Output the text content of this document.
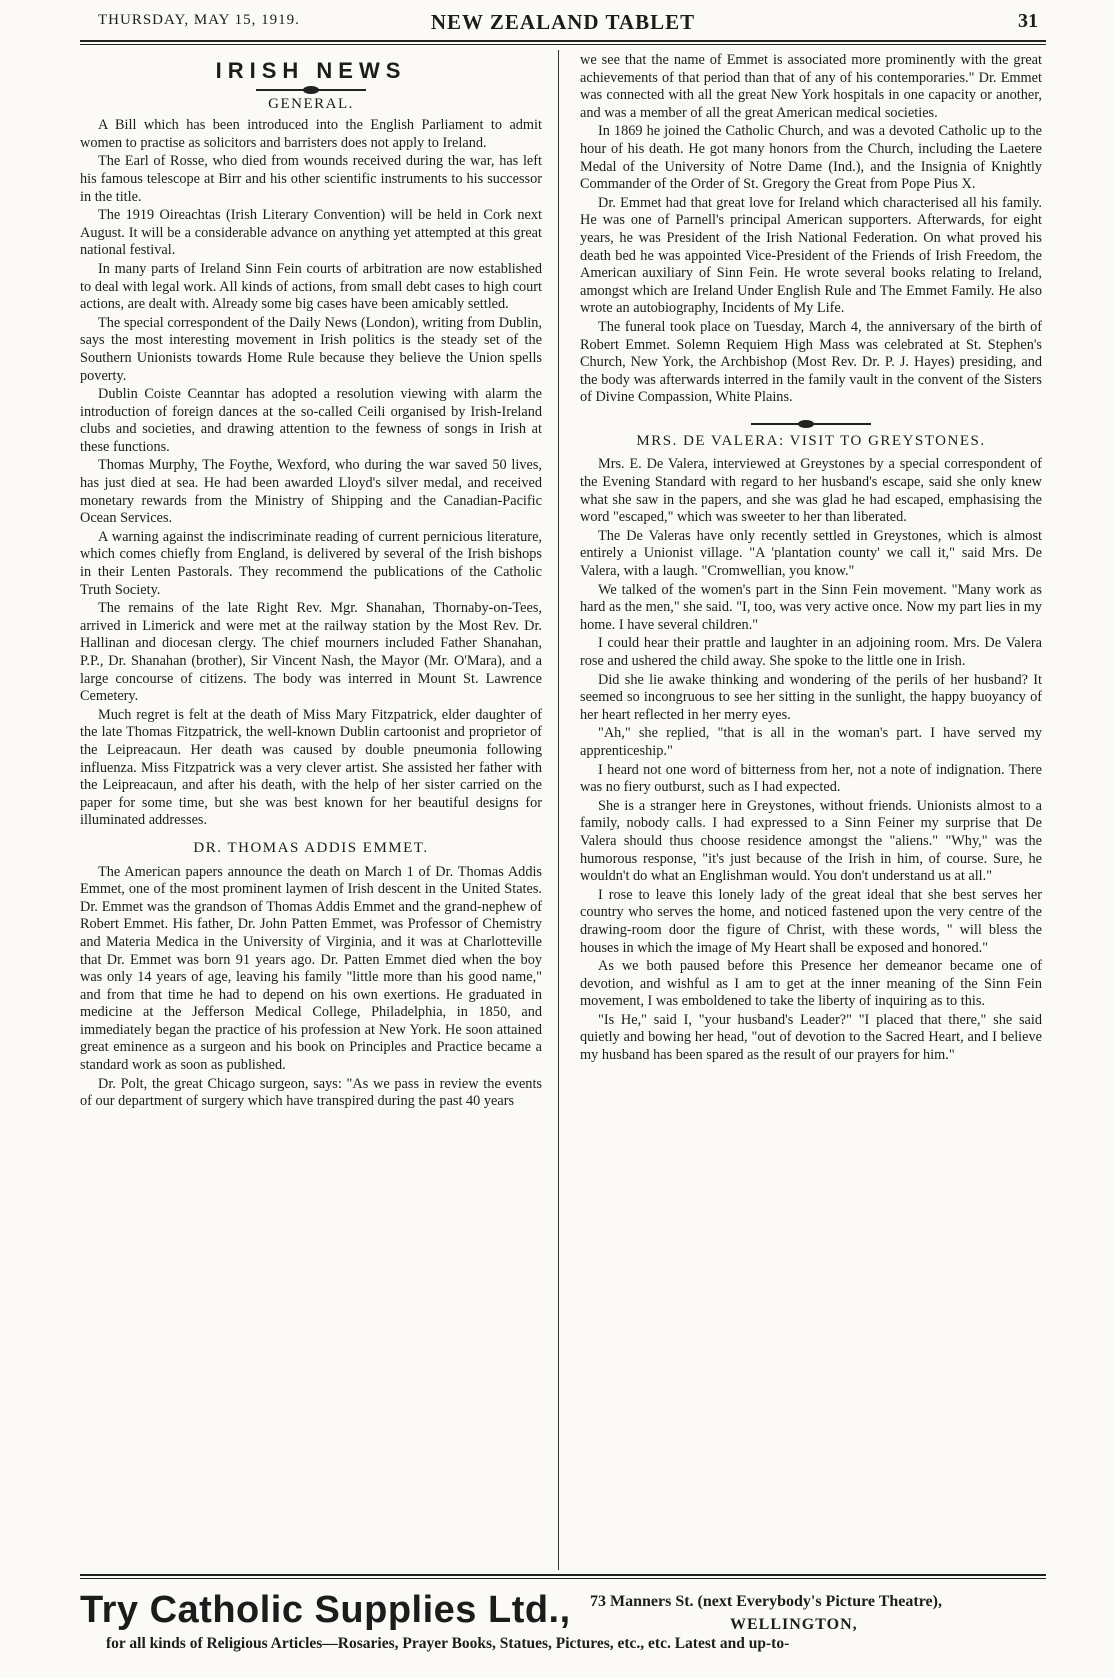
THURSDAY, MAY 15, 1919.	NEW ZEALAND TABLET	31
IRISH NEWS
GENERAL.

A Bill which has been introduced into the English Parliament to admit women to practise as solicitors and barristers does not apply to Ireland.

The Earl of Rosse, who died from wounds received during the war, has left his famous telescope at Birr and his other scientific instruments to his successor in the title.

The 1919 Oireachtas (Irish Literary Convention) will be held in Cork next August. It will be a considerable advance on anything yet attempted at this great national festival.

In many parts of Ireland Sinn Fein courts of arbitration are now established to deal with legal work. All kinds of actions, from small debt cases to high court actions, are dealt with. Already some big cases have been amicably settled.

The special correspondent of the Daily News (London), writing from Dublin, says the most interesting movement in Irish politics is the steady set of the Southern Unionists towards Home Rule because they believe the Union spells poverty.

Dublin Coiste Ceanntar has adopted a resolution viewing with alarm the introduction of foreign dances at the so-called Ceili organised by Irish-Ireland clubs and societies, and drawing attention to the fewness of songs in Irish at these functions.

Thomas Murphy, The Foythe, Wexford, who during the war saved 50 lives, has just died at sea. He had been awarded Lloyd's silver medal, and received monetary rewards from the Ministry of Shipping and the Canadian-Pacific Ocean Services.

A warning against the indiscriminate reading of current pernicious literature, which comes chiefly from England, is delivered by several of the Irish bishops in their Lenten Pastorals. They recommend the publications of the Catholic Truth Society.

The remains of the late Right Rev. Mgr. Shanahan, Thornaby-on-Tees, arrived in Limerick and were met at the railway station by the Most Rev. Dr. Hallinan and diocesan clergy. The chief mourners included Father Shanahan, P.P., Dr. Shanahan (brother), Sir Vincent Nash, the Mayor (Mr. O'Mara), and a large concourse of citizens. The body was interred in Mount St. Lawrence Cemetery.

Much regret is felt at the death of Miss Mary Fitzpatrick, elder daughter of the late Thomas Fitzpatrick, the well-known Dublin cartoonist and proprietor of the Leipreacaun. Her death was caused by double pneumonia following influenza. Miss Fitzpatrick was a very clever artist. She assisted her father with the Leipreacaun, and after his death, with the help of her sister carried on the paper for some time, but she was best known for her beautiful designs for illuminated addresses.

DR. THOMAS ADDIS EMMET.

The American papers announce the death on March 1 of Dr. Thomas Addis Emmet, one of the most prominent laymen of Irish descent in the United States. Dr. Emmet was the grandson of Thomas Addis Emmet and the grand-nephew of Robert Emmet. His father, Dr. John Patten Emmet, was Professor of Chemistry and Materia Medica in the University of Virginia, and it was at Charlotteville that Dr. Emmet was born 91 years ago. Dr. Patten Emmet died when the boy was only 14 years of age, leaving his family "little more than his good name," and from that time he had to depend on his own exertions. He graduated in medicine at the Jefferson Medical College, Philadelphia, in 1850, and immediately began the practice of his profession at New York. He soon attained great eminence as a surgeon and his book on Principles and Practice became a standard work as soon as published.

Dr. Polt, the great Chicago surgeon, says: "As we pass in review the events of our department of surgery which have transpired during the past 40 years

we see that the name of Emmet is associated more prominently with the great achievements of that period than that of any of his contemporaries." Dr. Emmet was connected with all the great New York hospitals in one capacity or another, and was a member of all the great American medical societies.

In 1869 he joined the Catholic Church, and was a devoted Catholic up to the hour of his death. He got many honors from the Church, including the Laetere Medal of the University of Notre Dame (Ind.), and the Insignia of Knightly Commander of the Order of St. Gregory the Great from Pope Pius X.

Dr. Emmet had that great love for Ireland which characterised all his family. He was one of Parnell's principal American supporters. Afterwards, for eight years, he was President of the Irish National Federation. On what proved his death bed he was appointed Vice-President of the Friends of Irish Freedom, the American auxiliary of Sinn Fein. He wrote several books relating to Ireland, amongst which are Ireland Under English Rule and The Emmet Family. He also wrote an autobiography, Incidents of My Life.

The funeral took place on Tuesday, March 4, the anniversary of the birth of Robert Emmet. Solemn Requiem High Mass was celebrated at St. Stephen's Church, New York, the Archbishop (Most Rev. Dr. P. J. Hayes) presiding, and the body was afterwards interred in the family vault in the convent of the Sisters of Divine Compassion, White Plains.

MRS. DE VALERA: VISIT TO GREYSTONES.

Mrs. E. De Valera, interviewed at Greystones by a special correspondent of the Evening Standard with regard to her husband's escape, said she only knew what she saw in the papers, and she was glad he had escaped, emphasising the word "escaped," which was sweeter to her than liberated.

The De Valeras have only recently settled in Greystones, which is almost entirely a Unionist village. "A 'plantation county' we call it," said Mrs. De Valera, with a laugh. "Cromwellian, you know."

We talked of the women's part in the Sinn Fein movement. "Many work as hard as the men," she said. "I, too, was very active once. Now my part lies in my home. I have several children."

I could hear their prattle and laughter in an adjoining room. Mrs. De Valera rose and ushered the child away. She spoke to the little one in Irish.

Did she lie awake thinking and wondering of the perils of her husband? It seemed so incongruous to see her sitting in the sunlight, the happy buoyancy of her heart reflected in her merry eyes.

"Ah," she replied, "that is all in the woman's part. I have served my apprenticeship."

I heard not one word of bitterness from her, not a note of indignation. There was no fiery outburst, such as I had expected.

She is a stranger here in Greystones, without friends. Unionists almost to a family, nobody calls. I had expressed to a Sinn Feiner my surprise that De Valera should thus choose residence amongst the "aliens." "Why," was the humorous response, "it's just because of the Irish in him, of course. Sure, he wouldn't do what an Englishman would. You don't understand us at all."

I rose to leave this lonely lady of the great ideal that she best serves her country who serves the home, and noticed fastened upon the very centre of the drawing-room door the figure of Christ, with these words, " will bless the houses in which the image of My Heart shall be exposed and honored."

As we both paused before this Presence her demeanor became one of devotion, and wishful as I am to get at the inner meaning of the Sinn Fein movement, I was emboldened to take the liberty of inquiring as to this.

"Is He," said I, "your husband's Leader?" "I placed that there," she said quietly and bowing her head, "out of devotion to the Sacred Heart, and I believe my husband has been spared as the result of our prayers for him."

Try Catholic Supplies Ltd., 73 Manners St. (next Everybody's Picture Theatre),
WELLINGTON,
for all kinds of Religious Articles—Rosaries, Prayer Books, Statues, Pictures, etc., etc. Latest and up-to-
